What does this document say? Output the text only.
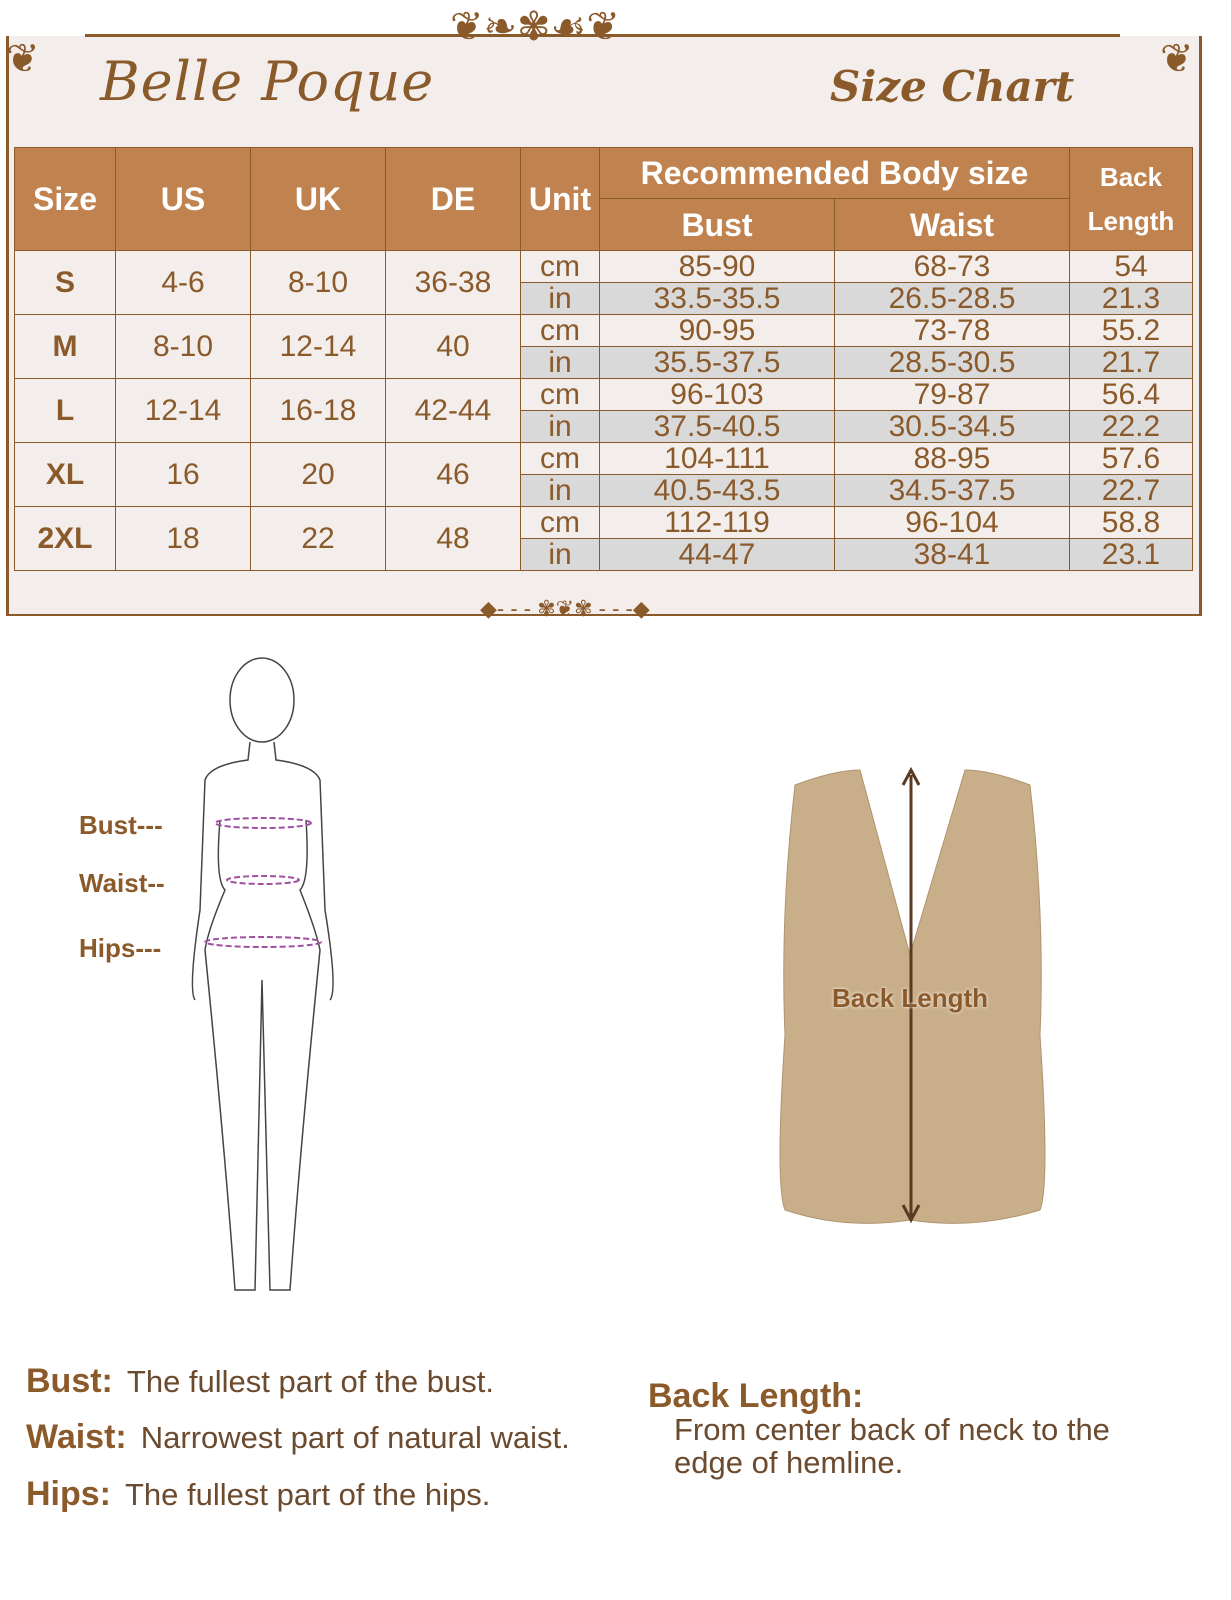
❦❧✾☙❦
❦	❦
◆- - - ✾❦✾ - - -◆
Belle Poque	Size Chart
Size	US	UK	DE	Unit	Recommended Body size		Back Length
					Bust	Waist	
S	4-6	8-10	36-38	cm	85-90	68-73	54
				in	33.5-35.5	26.5-28.5	21.3
M	8-10	12-14	40	cm	90-95	73-78	55.2
				in	35.5-37.5	28.5-30.5	21.7
L	12-14	16-18	42-44	cm	96-103	79-87	56.4
				in	37.5-40.5	30.5-34.5	22.2
XL	16	20	46	cm	104-111	88-95	57.6
				in	40.5-43.5	34.5-37.5	22.7
2XL	18	22	48	cm	112-119	96-104	58.8
				in	44-47	38-41	23.1
Bust---
Waist--
Hips---
Back Length
Bust: The fullest part of the bust.
Waist: Narrowest part of natural waist.
Hips: The fullest part of the hips.
Back Length:
From center back of neck to the
edge of hemline.
